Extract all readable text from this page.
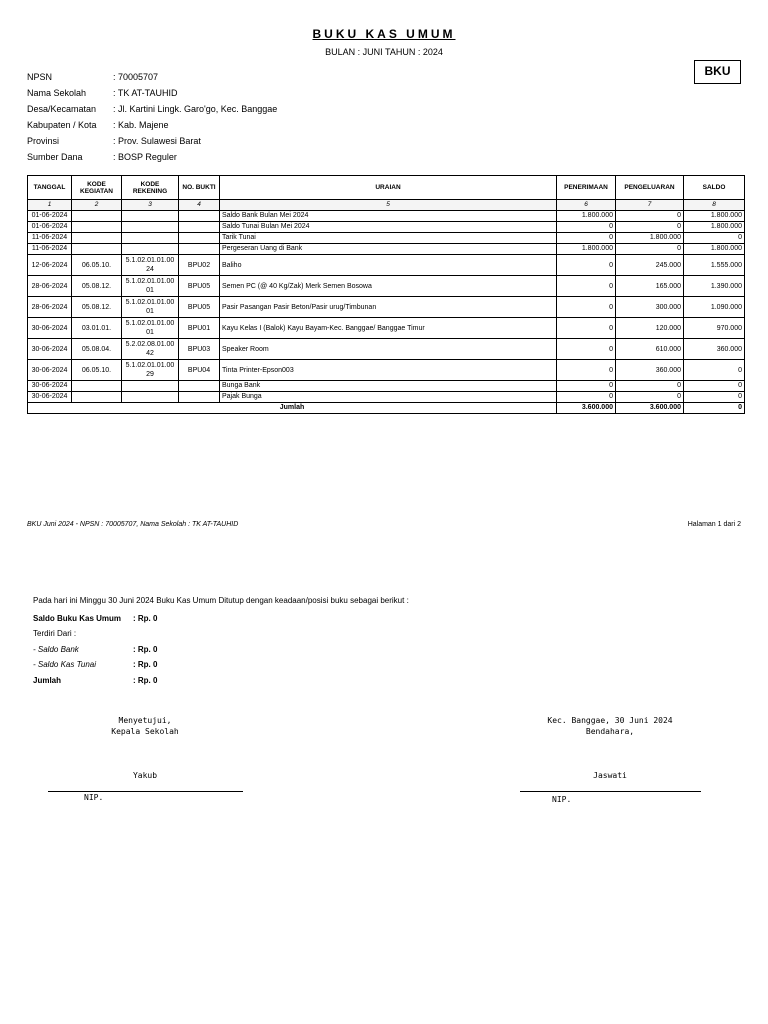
BUKU KAS UMUM
BULAN : JUNI TAHUN : 2024
BKU
NPSN	: 70005707
Nama Sekolah	: TK AT-TAUHID
Desa/Kecamatan	: Jl. Kartini Lingk. Garo'go, Kec. Banggae
Kabupaten / Kota	: Kab. Majene
Provinsi	: Prov. Sulawesi Barat
Sumber Dana	: BOSP Reguler
TANGGAL	KODE KEGIATAN	KODE REKENING	NO. BUKTI	URAIAN	PENERIMAAN	PENGELUARAN	SALDO
1	2	3	4	5	6	7	8
01-06-2024				Saldo Bank Bulan Mei 2024	1.800.000	0	1.800.000
01-06-2024				Saldo Tunai Bulan Mei 2024	0	0	1.800.000
11-06-2024				Tarik Tunai	0	1.800.000	0
11-06-2024				Pergeseran Uang di Bank	1.800.000	0	1.800.000
12-06-2024	06.05.10.	5.1.02.01.01.00 24	BPU02	Baliho	0	245.000	1.555.000
28-06-2024	05.08.12.	5.1.02.01.01.00 01	BPU05	Semen PC (@ 40 Kg/Zak) Merk Semen Bosowa	0	165.000	1.390.000
28-06-2024	05.08.12.	5.1.02.01.01.00 01	BPU05	Pasir Pasangan Pasir Beton/Pasir urug/Timbunan	0	300.000	1.090.000
30-06-2024	03.01.01.	5.1.02.01.01.00 01	BPU01	Kayu Kelas I (Balok) Kayu Bayam-Kec. Banggae/ Banggae Timur	0	120.000	970.000
30-06-2024	05.08.04.	5.2.02.08.01.00 42	BPU03	Speaker Room	0	610.000	360.000
30-06-2024	06.05.10.	5.1.02.01.01.00 29	BPU04	Tinta Printer-Epson003	0	360.000	0
30-06-2024				Bunga Bank	0	0	0
30-06-2024				Pajak Bunga	0	0	0
Jumlah					3.600.000	3.600.000	0
BKU Juni 2024 - NPSN : 70005707, Nama Sekolah : TK AT-TAUHID	Halaman 1 dari 2
Pada hari ini Minggu 30 Juni 2024 Buku Kas Umum Ditutup dengan keadaan/posisi buku sebagai berikut :
Saldo Buku Kas Umum	: Rp. 0
Terdiri Dari :
- Saldo Bank	: Rp. 0
- Saldo Kas Tunai	: Rp. 0
Jumlah	: Rp. 0
Menyetujui,
Kepala Sekolah
Yakub
NIP.
Kec. Banggae, 30 Juni 2024
Bendahara,
Jaswati
NIP.
